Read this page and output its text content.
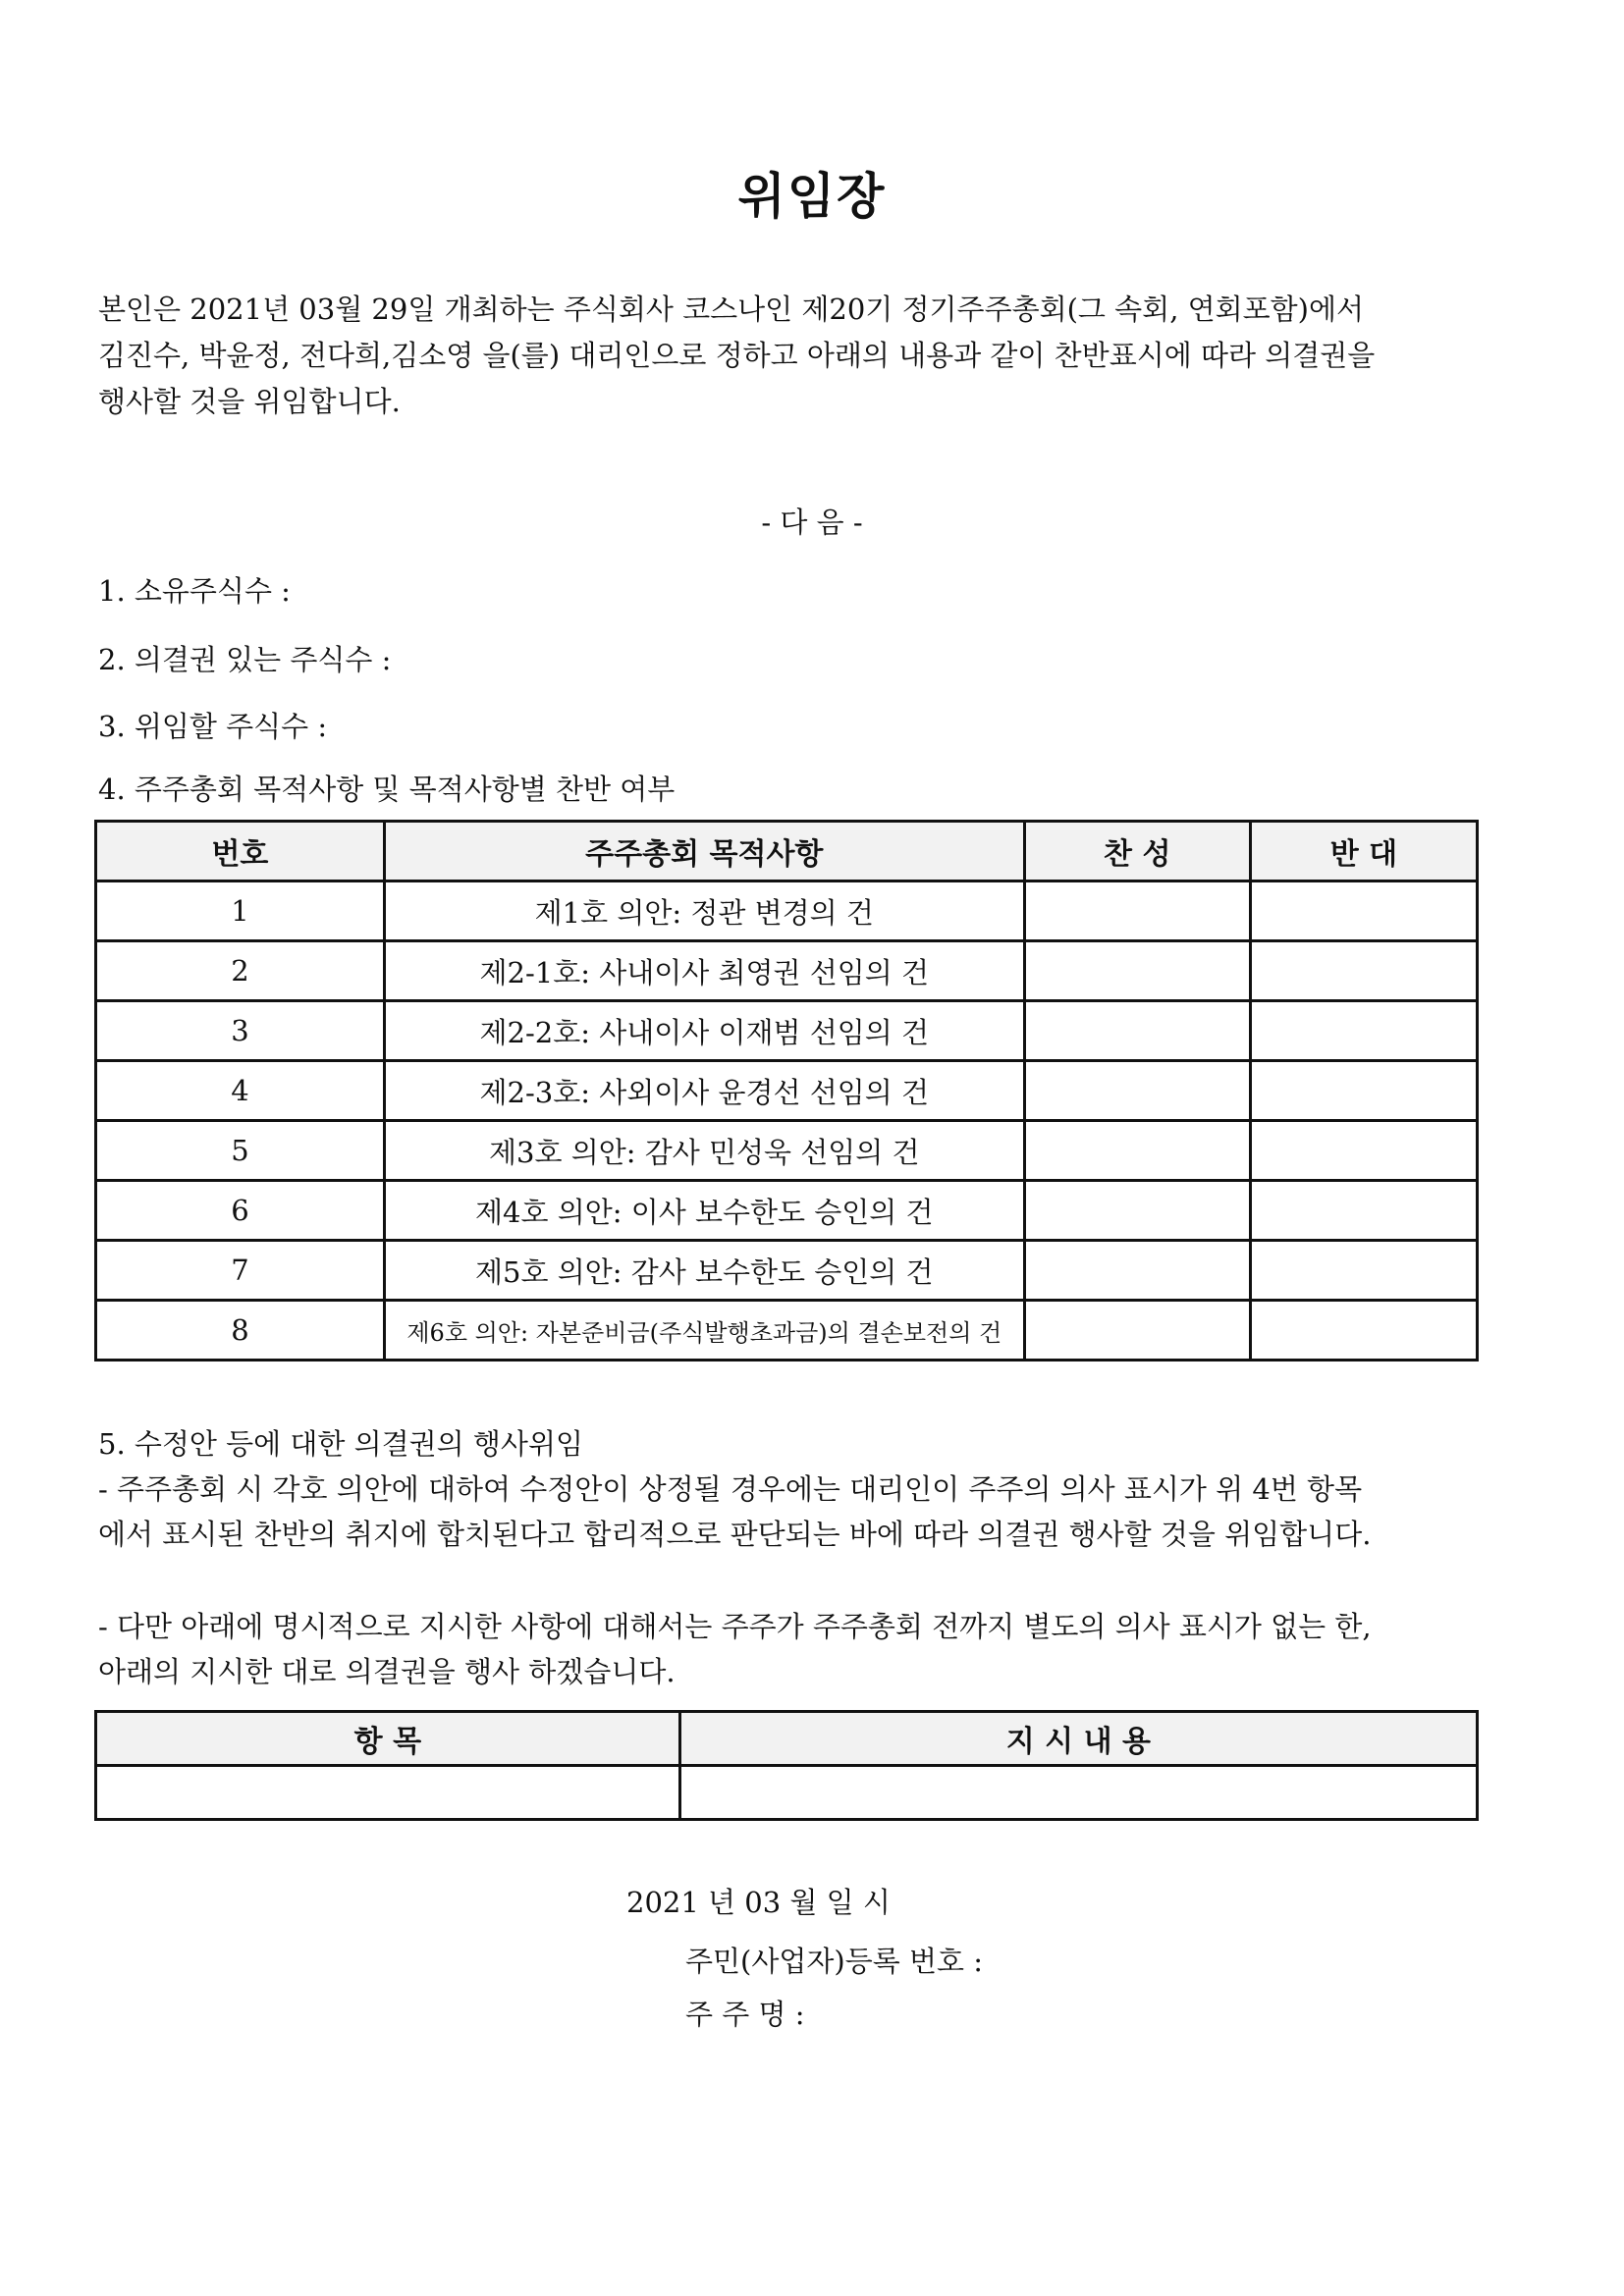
위임장
본인은 2021년 03월 29일 개최하는 주식회사 코스나인 제20기 정기주주총회(그 속회, 연회포함)에서
김진수, 박윤정, 전다희,김소영 을(를) 대리인으로 정하고 아래의 내용과 같이 찬반표시에 따라 의결권을
행사할 것을 위임합니다.
- 다 음 -
1. 소유주식수 :
2. 의결권 있는 주식수 :
3. 위임할 주식수 :
4. 주주총회 목적사항 및 목적사항별 찬반 여부
번호	주주총회 목적사항	찬 성	반 대
1	제1호 의안: 정관 변경의 건		
2	제2-1호: 사내이사 최영권 선임의 건		
3	제2-2호: 사내이사 이재범 선임의 건		
4	제2-3호: 사외이사 윤경선 선임의 건		
5	제3호 의안: 감사 민성욱 선임의 건		
6	제4호 의안: 이사 보수한도 승인의 건		
7	제5호 의안: 감사 보수한도 승인의 건		
8	제6호 의안: 자본준비금(주식발행초과금)의 결손보전의 건		
5. 수정안 등에 대한 의결권의 행사위임
- 주주총회 시 각호 의안에 대하여 수정안이 상정될 경우에는 대리인이 주주의 의사 표시가 위 4번 항목
에서 표시된 찬반의 취지에 합치된다고 합리적으로 판단되는 바에 따라 의결권 행사할 것을 위임합니다.
- 다만 아래에 명시적으로 지시한 사항에 대해서는 주주가 주주총회 전까지 별도의 의사 표시가 없는 한,
아래의 지시한 대로 의결권을 행사 하겠습니다.
항 목	지 시 내 용

2021 년 03 월 일 시
주민(사업자)등록 번호 :
주 주 명 :
